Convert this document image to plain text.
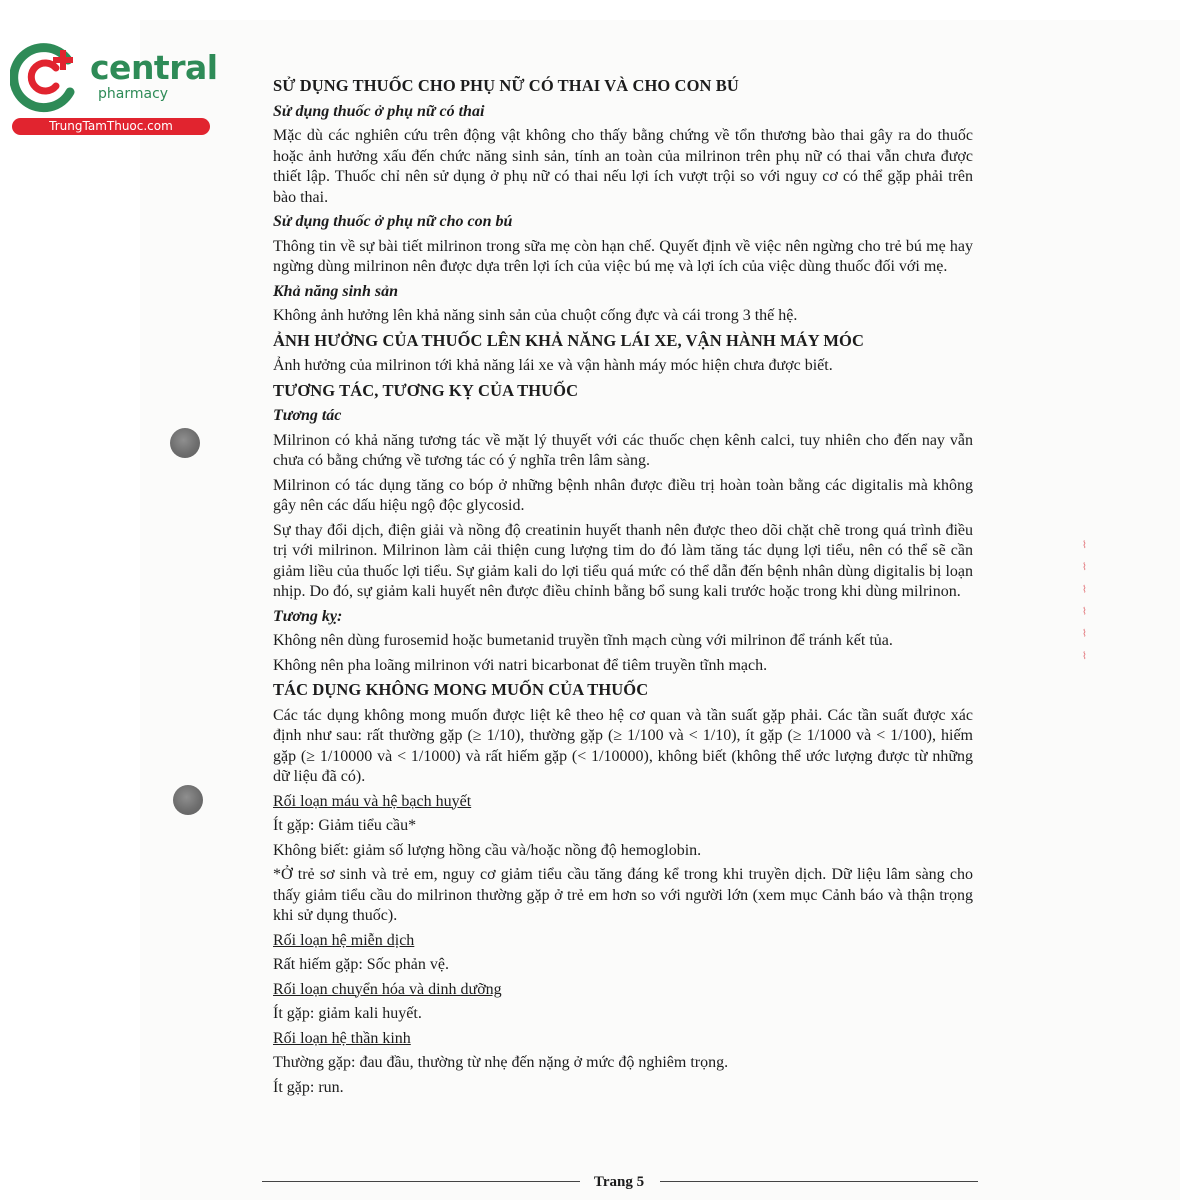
central
pharmacy
TrungTamThuoc.com
SỬ DỤNG THUỐC CHO PHỤ NỮ CÓ THAI VÀ CHO CON BÚ
Sử dụng thuốc ở phụ nữ có thai

Mặc dù các nghiên cứu trên động vật không cho thấy bằng chứng về tổn thương bào thai gây ra do thuốc hoặc ảnh hưởng xấu đến chức năng sinh sản, tính an toàn của milrinon trên phụ nữ có thai vẫn chưa được thiết lập. Thuốc chỉ nên sử dụng ở phụ nữ có thai nếu lợi ích vượt trội so với nguy cơ có thể gặp phải trên bào thai.

Sử dụng thuốc ở phụ nữ cho con bú

Thông tin về sự bài tiết milrinon trong sữa mẹ còn hạn chế. Quyết định về việc nên ngừng cho trẻ bú mẹ hay ngừng dùng milrinon nên được dựa trên lợi ích của việc bú mẹ và lợi ích của việc dùng thuốc đối với mẹ.

Khả năng sinh sản

Không ảnh hưởng lên khả năng sinh sản của chuột cống đực và cái trong 3 thế hệ.

ẢNH HƯỞNG CỦA THUỐC LÊN KHẢ NĂNG LÁI XE, VẬN HÀNH MÁY MÓC

Ảnh hưởng của milrinon tới khả năng lái xe và vận hành máy móc hiện chưa được biết.

TƯƠNG TÁC, TƯƠNG KỴ CỦA THUỐC
Tương tác

Milrinon có khả năng tương tác về mặt lý thuyết với các thuốc chẹn kênh calci, tuy nhiên cho đến nay vẫn chưa có bằng chứng về tương tác có ý nghĩa trên lâm sàng.

Milrinon có tác dụng tăng co bóp ở những bệnh nhân được điều trị hoàn toàn bằng các digitalis mà không gây nên các dấu hiệu ngộ độc glycosid.

Sự thay đổi dịch, điện giải và nồng độ creatinin huyết thanh nên được theo dõi chặt chẽ trong quá trình điều trị với milrinon. Milrinon làm cải thiện cung lượng tim do đó làm tăng tác dụng lợi tiểu, nên có thể sẽ cần giảm liều của thuốc lợi tiểu. Sự giảm kali do lợi tiểu quá mức có thể dẫn đến bệnh nhân dùng digitalis bị loạn nhịp. Do đó, sự giảm kali huyết nên được điều chỉnh bằng bổ sung kali trước hoặc trong khi dùng milrinon.

Tương kỵ:

Không nên dùng furosemid hoặc bumetanid truyền tĩnh mạch cùng với milrinon để tránh kết tủa.

Không nên pha loãng milrinon với natri bicarbonat để tiêm truyền tĩnh mạch.

TÁC DỤNG KHÔNG MONG MUỐN CỦA THUỐC

Các tác dụng không mong muốn được liệt kê theo hệ cơ quan và tần suất gặp phải. Các tần suất được xác định như sau: rất thường gặp (≥ 1/10), thường gặp (≥ 1/100 và < 1/10), ít gặp (≥ 1/1000 và < 1/100), hiếm gặp (≥ 1/10000 và < 1/1000) và rất hiếm gặp (< 1/10000), không biết (không thể ước lượng được từ những dữ liệu đã có).

Rối loạn máu và hệ bạch huyết

Ít gặp: Giảm tiểu cầu*

Không biết: giảm số lượng hồng cầu và/hoặc nồng độ hemoglobin.

*Ở trẻ sơ sinh và trẻ em, nguy cơ giảm tiểu cầu tăng đáng kể trong khi truyền dịch. Dữ liệu lâm sàng cho thấy giảm tiểu cầu do milrinon thường gặp ở trẻ em hơn so với người lớn (xem mục Cảnh báo và thận trọng khi sử dụng thuốc).

Rối loạn hệ miễn dịch

Rất hiếm gặp: Sốc phản vệ.

Rối loạn chuyển hóa và dinh dưỡng

Ít gặp: giảm kali huyết.

Rối loạn hệ thần kinh

Thường gặp: đau đầu, thường từ nhẹ đến nặng ở mức độ nghiêm trọng.

Ít gặp: run.

⌇ ⌇ ⌇ ⌇ ⌇ ⌇
Trang 5
